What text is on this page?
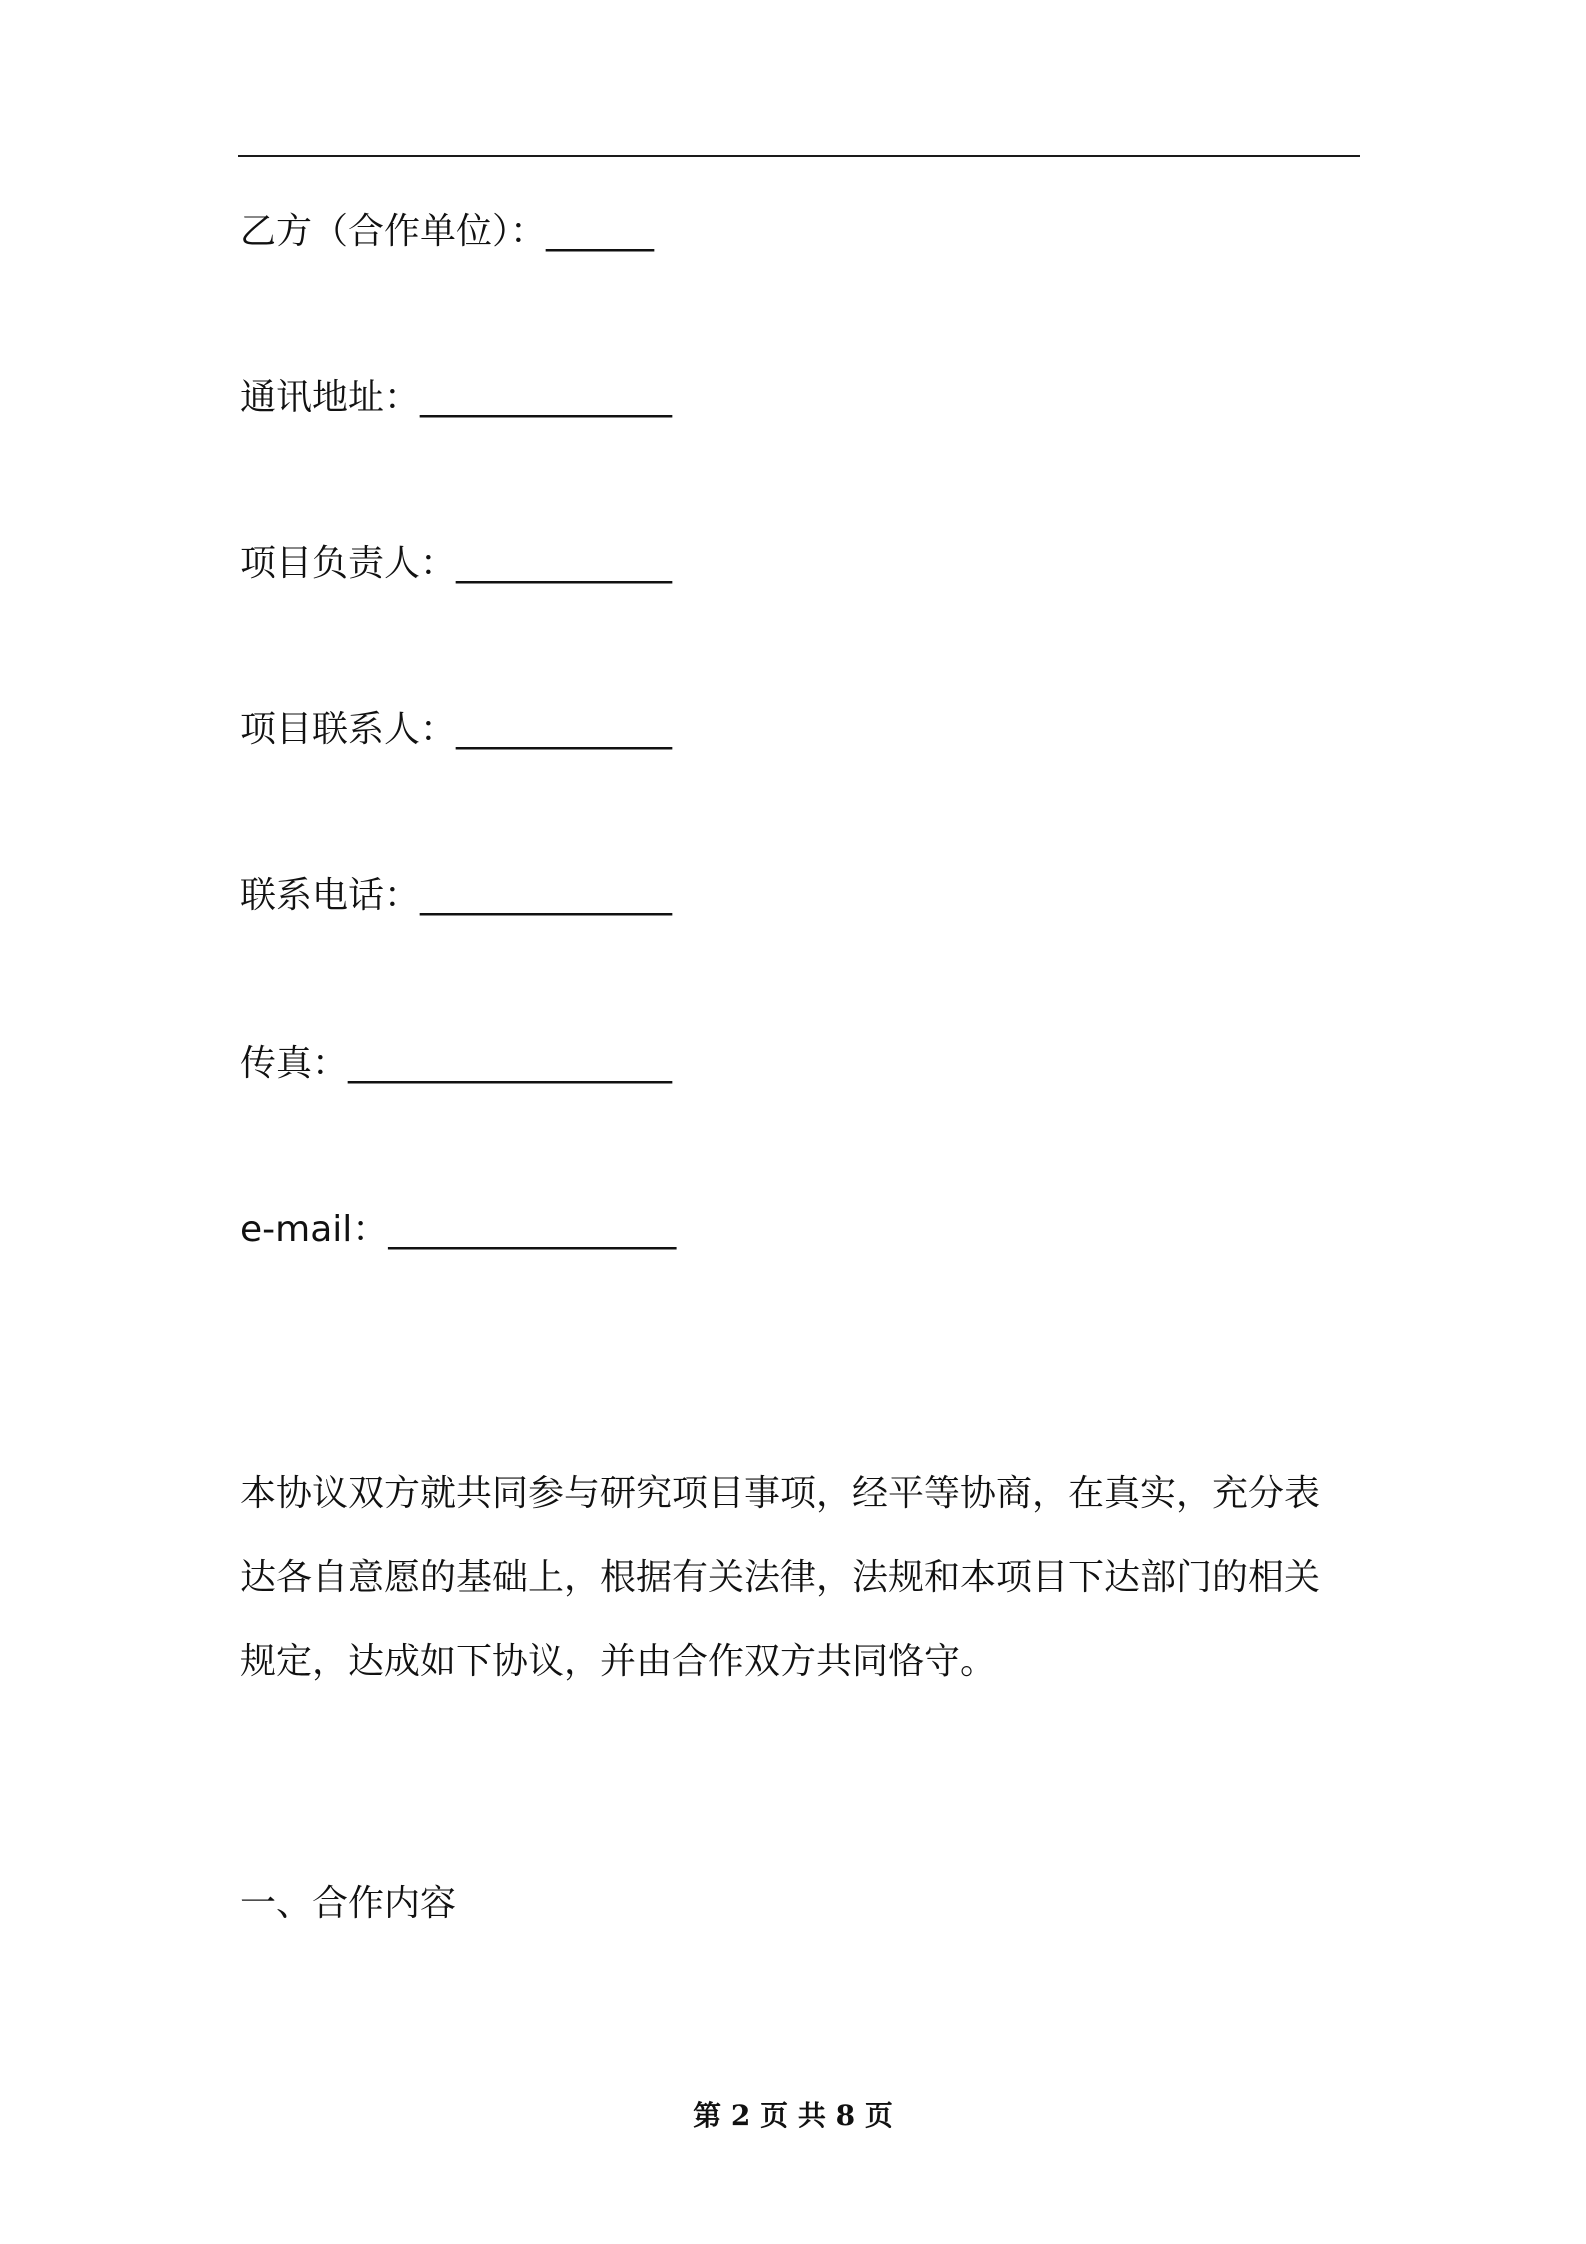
乙方（合作单位）：______
通讯地址：______________
项目负责人：____________
项目联系人：____________
联系电话：______________
传真：__________________
e-mail：________________
本协议双方就共同参与研究项目事项，经平等协商，在真实，充分表
达各自意愿的基础上，根据有关法律，法规和本项目下达部门的相关
规定，达成如下协议，并由合作双方共同恪守。
一、合作内容
第 2 页 共 8 页
